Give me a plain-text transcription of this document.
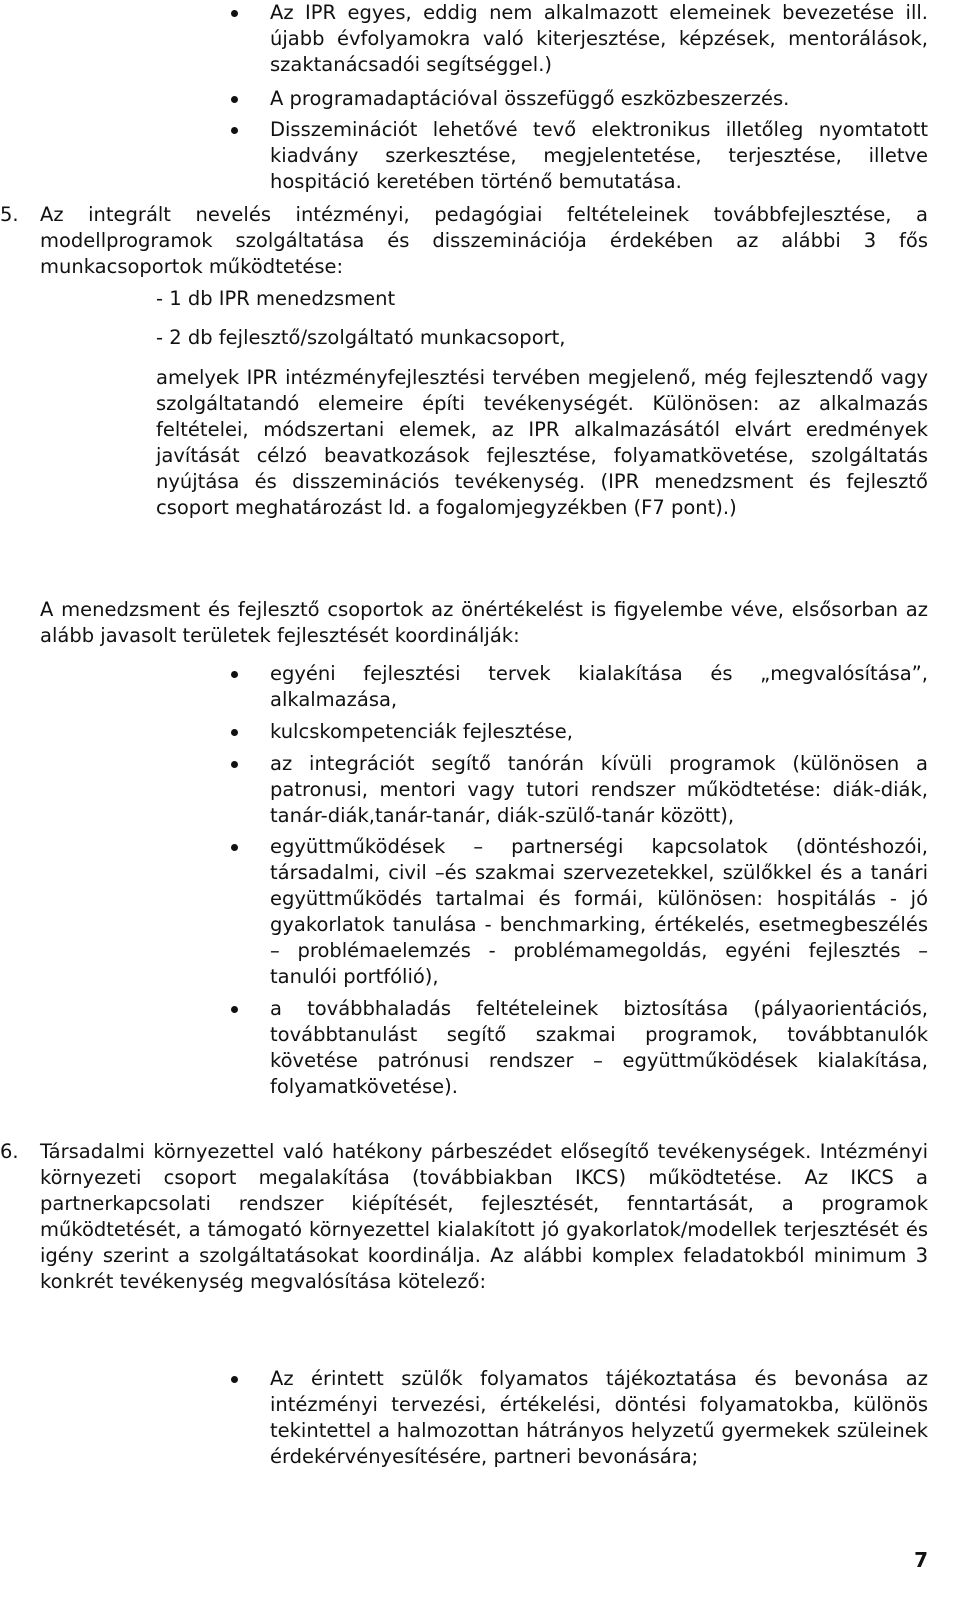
Az IPR egyes, eddig nem alkalmazott elemeinek bevezetése ill. újabb évfolyamokra való kiterjesztése, képzések, mentorálások, szaktanácsadói segítséggel.)
A programadaptációval összefüggő eszközbeszerzés.
Disszeminációt lehetővé tevő elektronikus illetőleg nyomtatott kiadvány szerkesztése, megjelentetése, terjesztése, illetve hospitáció keretében történő bemutatása.
5. Az integrált nevelés intézményi, pedagógiai feltételeinek továbbfejlesztése, a modellprogramok szolgáltatása és disszeminációja érdekében az alábbi 3 fős munkacsoportok működtetése:
- 1 db IPR menedzsment
- 2 db fejlesztő/szolgáltató munkacsoport,
amelyek IPR intézményfejlesztési tervében megjelenő, még fejlesztendő vagy szolgáltatandó elemeire építi tevékenységét. Különösen: az alkalmazás feltételei, módszertani elemek, az IPR alkalmazásától elvárt eredmények javítását célzó beavatkozások fejlesztése, folyamatkövetése, szolgáltatás nyújtása és disszeminációs tevékenység. (IPR menedzsment és fejlesztő csoport meghatározást ld. a fogalomjegyzékben (F7 pont).)
A menedzsment és fejlesztő csoportok az önértékelést is figyelembe véve, elsősorban az alább javasolt területek fejlesztését koordinálják:
egyéni fejlesztési tervek kialakítása és „megvalósítása”, alkalmazása,
kulcskompetenciák fejlesztése,
az integrációt segítő tanórán kívüli programok (különösen a patronusi, mentori vagy tutori rendszer működtetése: diák-diák, tanár-diák,tanár-tanár, diák-szülő-tanár között),
együttműködések – partnerségi kapcsolatok (döntéshozói, társadalmi, civil –és szakmai szervezetekkel, szülőkkel és a tanári együttműködés tartalmai és formái, különösen: hospitálás - jó gyakorlatok tanulása - benchmarking, értékelés, esetmegbeszélés – problémaelemzés - problémamegoldás, egyéni fejlesztés – tanulói portfólió),
a továbbhaladás feltételeinek biztosítása (pályaorientációs, továbbtanulást segítő szakmai programok, továbbtanulók követése patrónusi rendszer – együttműködések kialakítása, folyamatkövetése).
6. Társadalmi környezettel való hatékony párbeszédet elősegítő tevékenységek. Intézményi környezeti csoport megalakítása (továbbiakban IKCS) működtetése. Az IKCS a partnerkapcsolati rendszer kiépítését, fejlesztését, fenntartását, a programok működtetését, a támogató környezettel kialakított jó gyakorlatok/modellek terjesztését és igény szerint a szolgáltatásokat koordinálja. Az alábbi komplex feladatokból minimum 3 konkrét tevékenység megvalósítása kötelező:
Az érintett szülők folyamatos tájékoztatása és bevonása az intézményi tervezési, értékelési, döntési folyamatokba, különös tekintettel a halmozottan hátrányos helyzetű gyermekek szüleinek érdekérvényesítésére, partneri bevonására;
7
